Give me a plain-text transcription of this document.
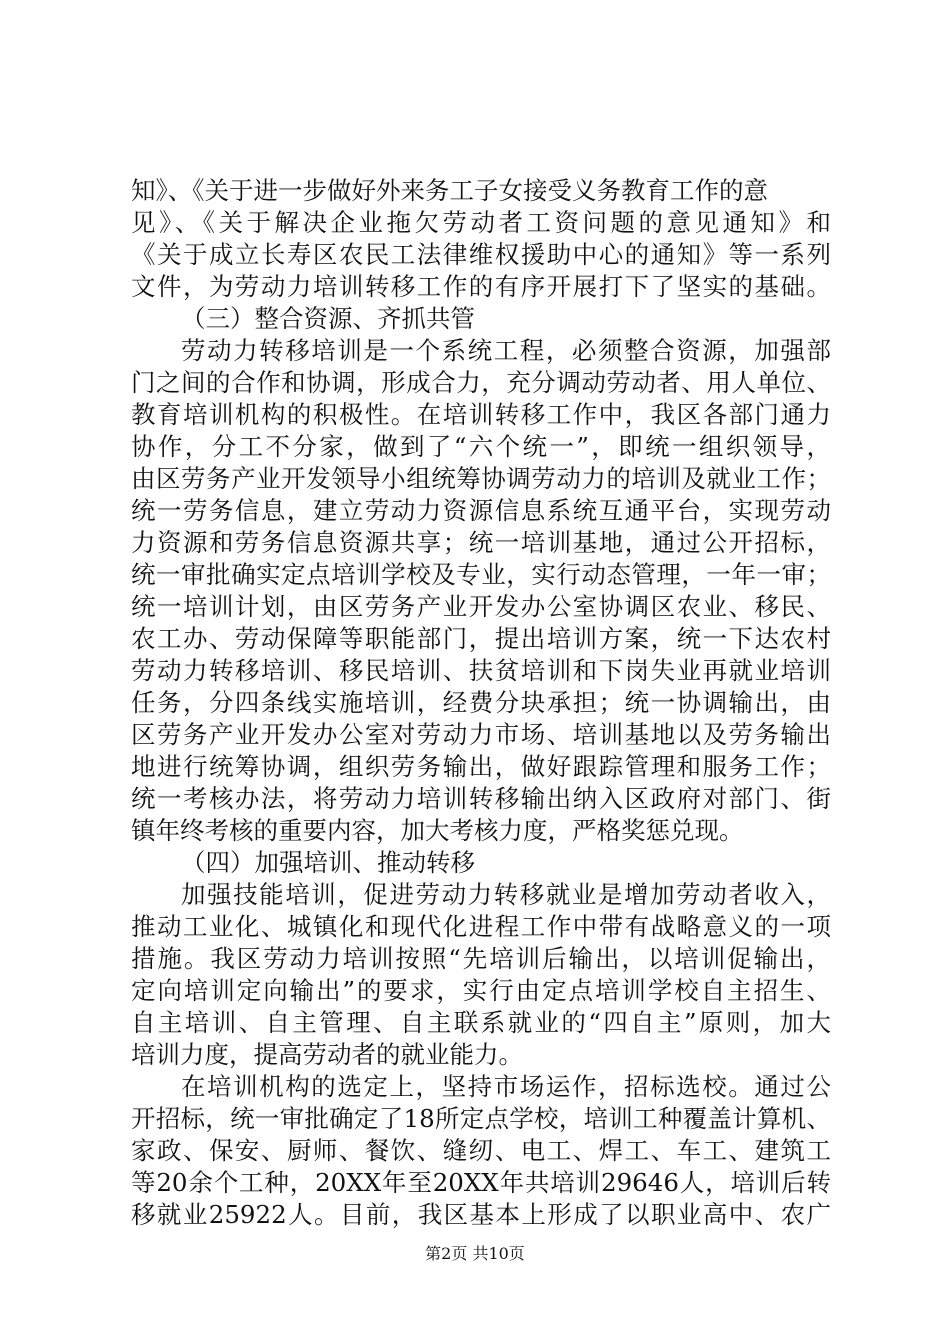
知》、《关于进一步做好外来务工子女接受义务教育工作的意
见》、《关于解决企业拖欠劳动者工资问题的意见通知》和
《关于成立长寿区农民工法律维权援助中心的通知》等一系列
文件，为劳动力培训转移工作的有序开展打下了坚实的基础。
（三）整合资源、齐抓共管
劳动力转移培训是一个系统工程，必须整合资源，加强部
门之间的合作和协调，形成合力，充分调动劳动者、用人单位、
教育培训机构的积极性。在培训转移工作中，我区各部门通力
协作，分工不分家，做到了“六个统一”，即统一组织领导，
由区劳务产业开发领导小组统筹协调劳动力的培训及就业工作；
统一劳务信息，建立劳动力资源信息系统互通平台，实现劳动
力资源和劳务信息资源共享；统一培训基地，通过公开招标，
统一审批确实定点培训学校及专业，实行动态管理，一年一审；
统一培训计划，由区劳务产业开发办公室协调区农业、移民、
农工办、劳动保障等职能部门，提出培训方案，统一下达农村
劳动力转移培训、移民培训、扶贫培训和下岗失业再就业培训
任务，分四条线实施培训，经费分块承担；统一协调输出，由
区劳务产业开发办公室对劳动力市场、培训基地以及劳务输出
地进行统筹协调，组织劳务输出，做好跟踪管理和服务工作；
统一考核办法，将劳动力培训转移输出纳入区政府对部门、街
镇年终考核的重要内容，加大考核力度，严格奖惩兑现。
（四）加强培训、推动转移
加强技能培训，促进劳动力转移就业是增加劳动者收入，
推动工业化、城镇化和现代化进程工作中带有战略意义的一项
措施。我区劳动力培训按照“先培训后输出，以培训促输出，
定向培训定向输出”的要求，实行由定点培训学校自主招生、
自主培训、自主管理、自主联系就业的“四自主”原则，加大
培训力度，提高劳动者的就业能力。
在培训机构的选定上，坚持市场运作，招标选校。通过公
开招标，统一审批确定了18所定点学校，培训工种覆盖计算机、
家政、保安、厨师、餐饮、缝纫、电工、焊工、车工、建筑工
等20余个工种，20XX年至20XX年共培训29646人，培训后转
移就业25922人。目前，我区基本上形成了以职业高中、农广
第2页 共10页
